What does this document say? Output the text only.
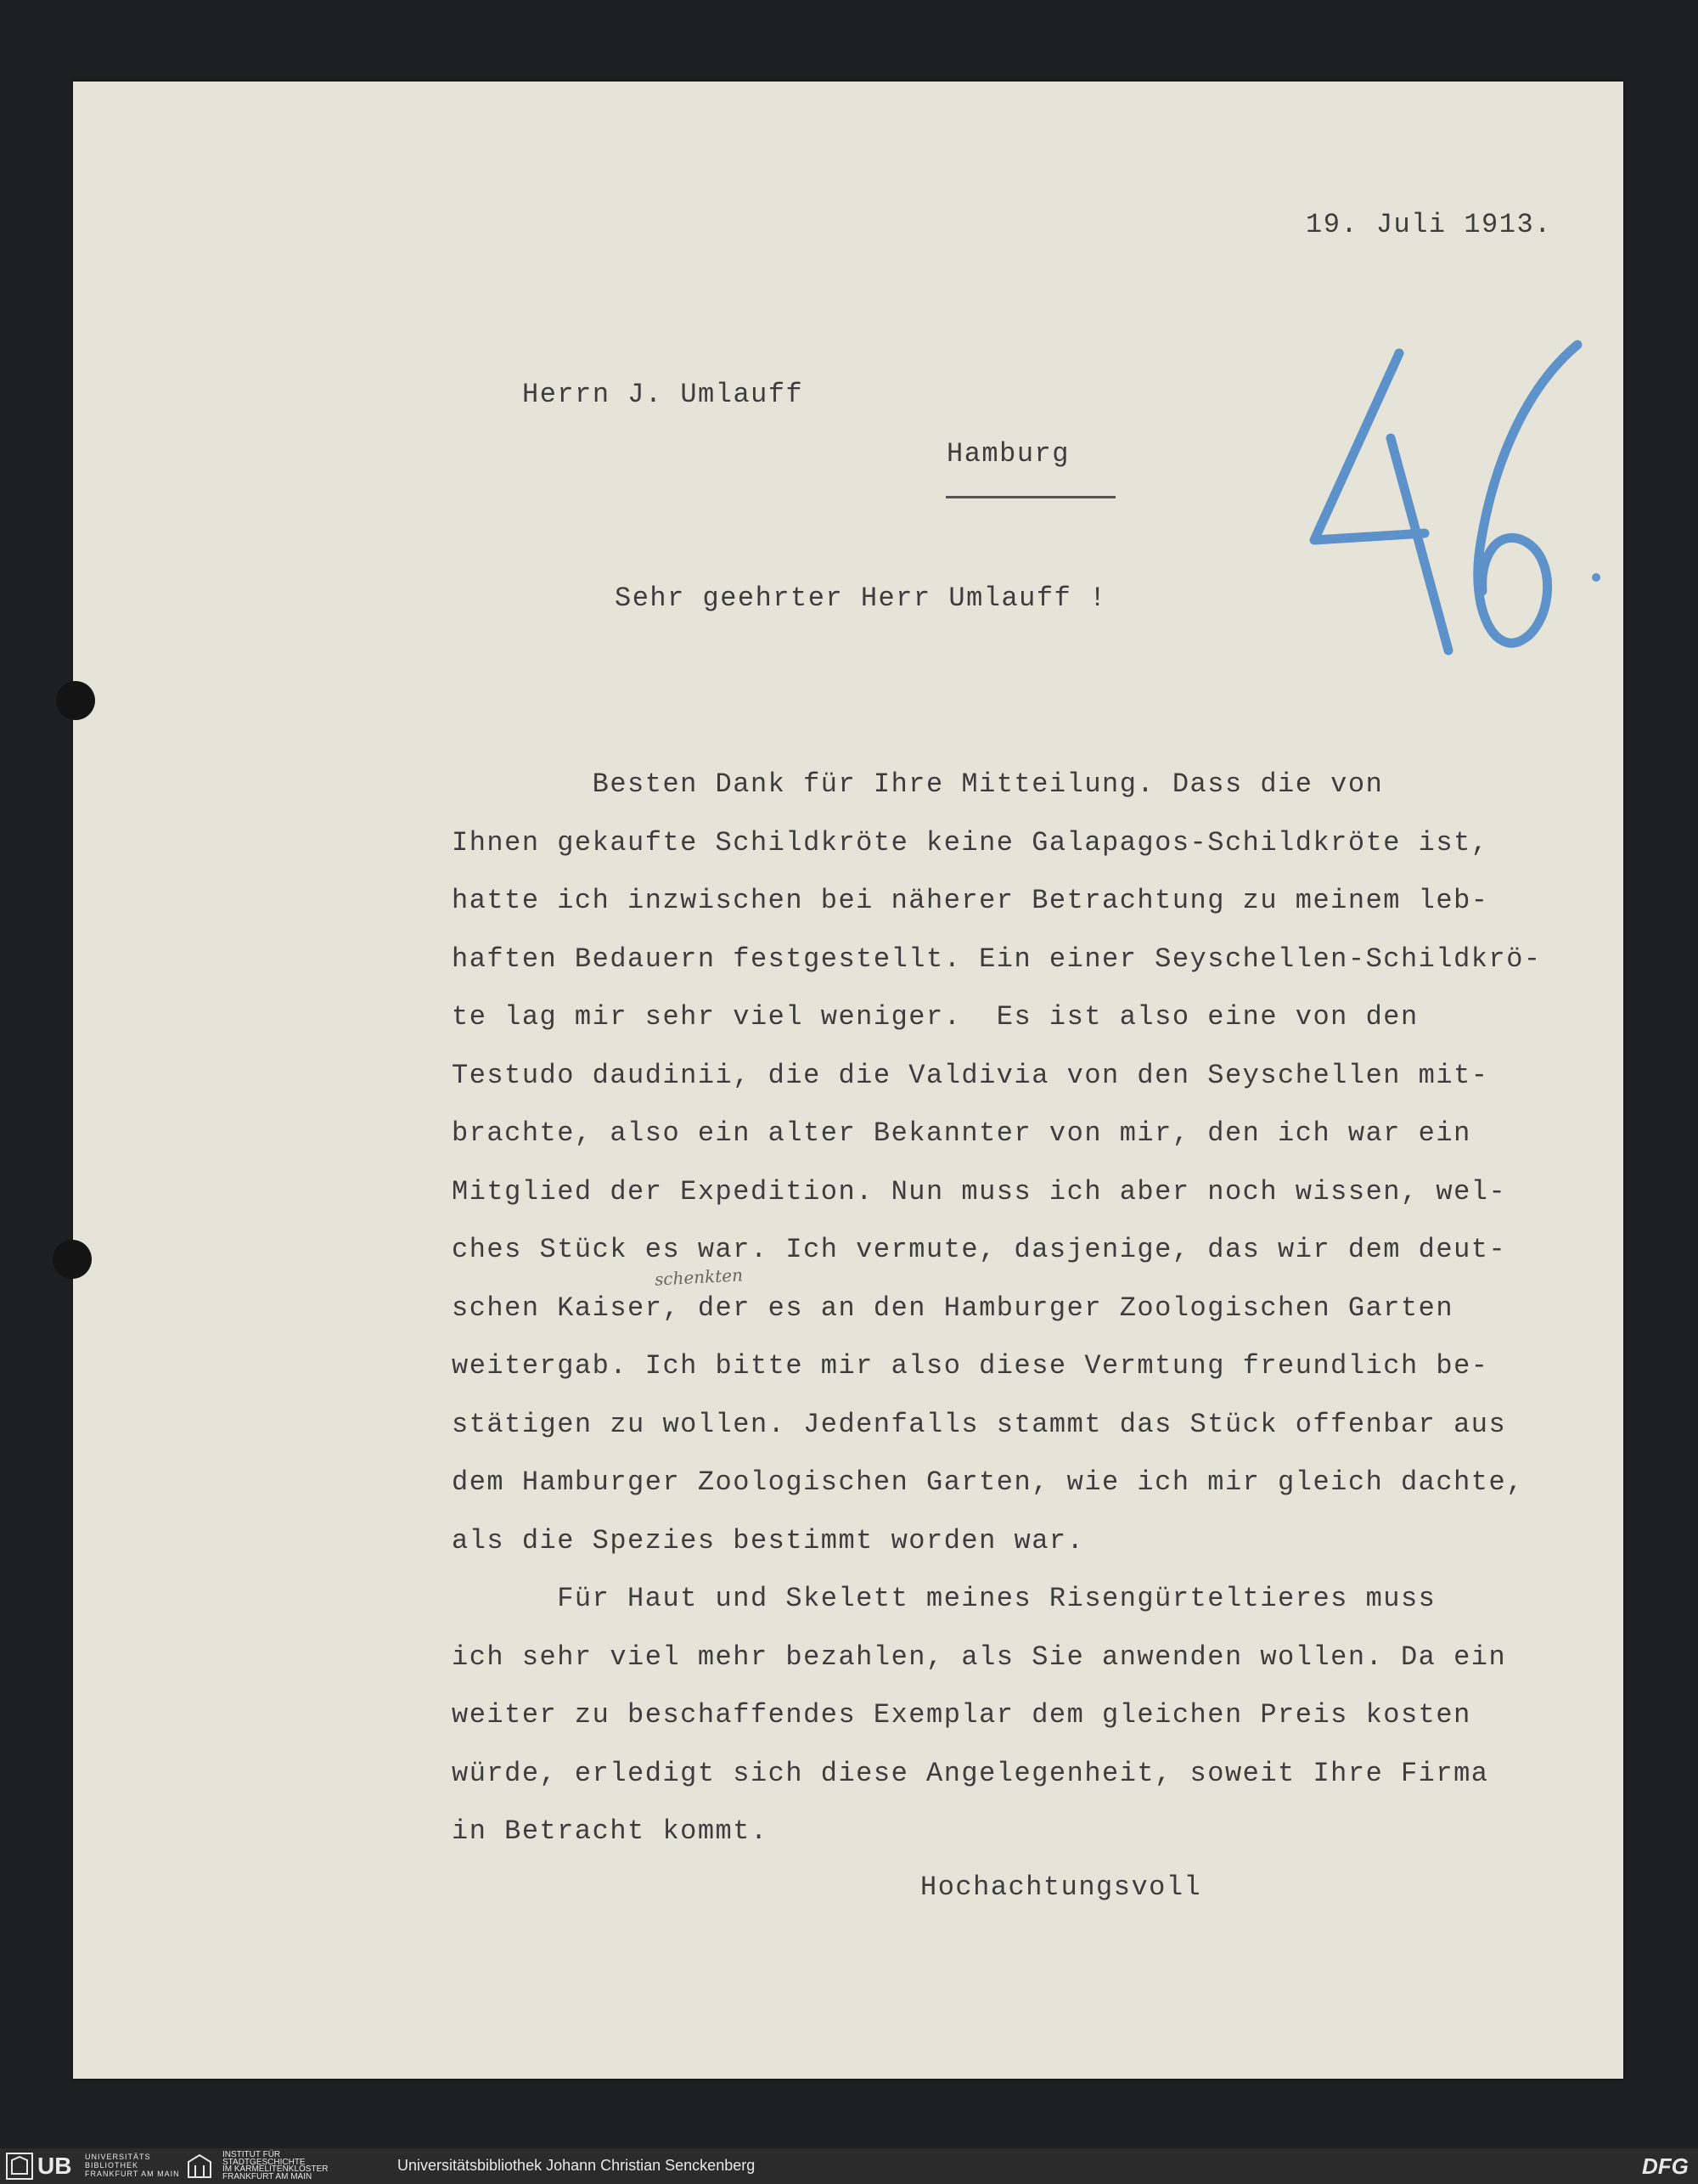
19. Juli 1913.
Herrn J. Umlauff
Hamburg
Sehr geehrter Herr Umlauff !
schenkten
Besten Dank für Ihre Mitteilung. Dass die von
Ihnen gekaufte Schildkröte keine Galapagos-Schildkröte ist,
hatte ich inzwischen bei näherer Betrachtung zu meinem leb-
haften Bedauern festgestellt. Ein einer Seyschellen-Schildkrö-
te lag mir sehr viel weniger.  Es ist also eine von den
Testudo daudinii, die die Valdivia von den Seyschellen mit-
brachte, also ein alter Bekannter von mir, den ich war ein
Mitglied der Expedition. Nun muss ich aber noch wissen, wel-
ches Stück es war. Ich vermute, dasjenige, das wir dem deut-
schen Kaiser, der es an den Hamburger Zoologischen Garten
weitergab. Ich bitte mir also diese Vermtung freundlich be-
stätigen zu wollen. Jedenfalls stammt das Stück offenbar aus
dem Hamburger Zoologischen Garten, wie ich mir gleich dachte,
als die Spezies bestimmt worden war.
Für Haut und Skelett meines Risengürteltieres muss
ich sehr viel mehr bezahlen, als Sie anwenden wollen. Da ein
weiter zu beschaffendes Exemplar dem gleichen Preis kosten
würde, erledigt sich diese Angelegenheit, soweit Ihre Firma
in Betracht kommt.
Hochachtungsvoll
UB UNIVERSITÄTS
BIBLIOTHEK
FRANKFURT AM MAIN
INSTITUT FÜR
STADTGESCHICHTE
IM KARMELITENKLOSTER
FRANKFURT AM MAIN
Universitätsbibliothek Johann Christian Senckenberg	DFG
